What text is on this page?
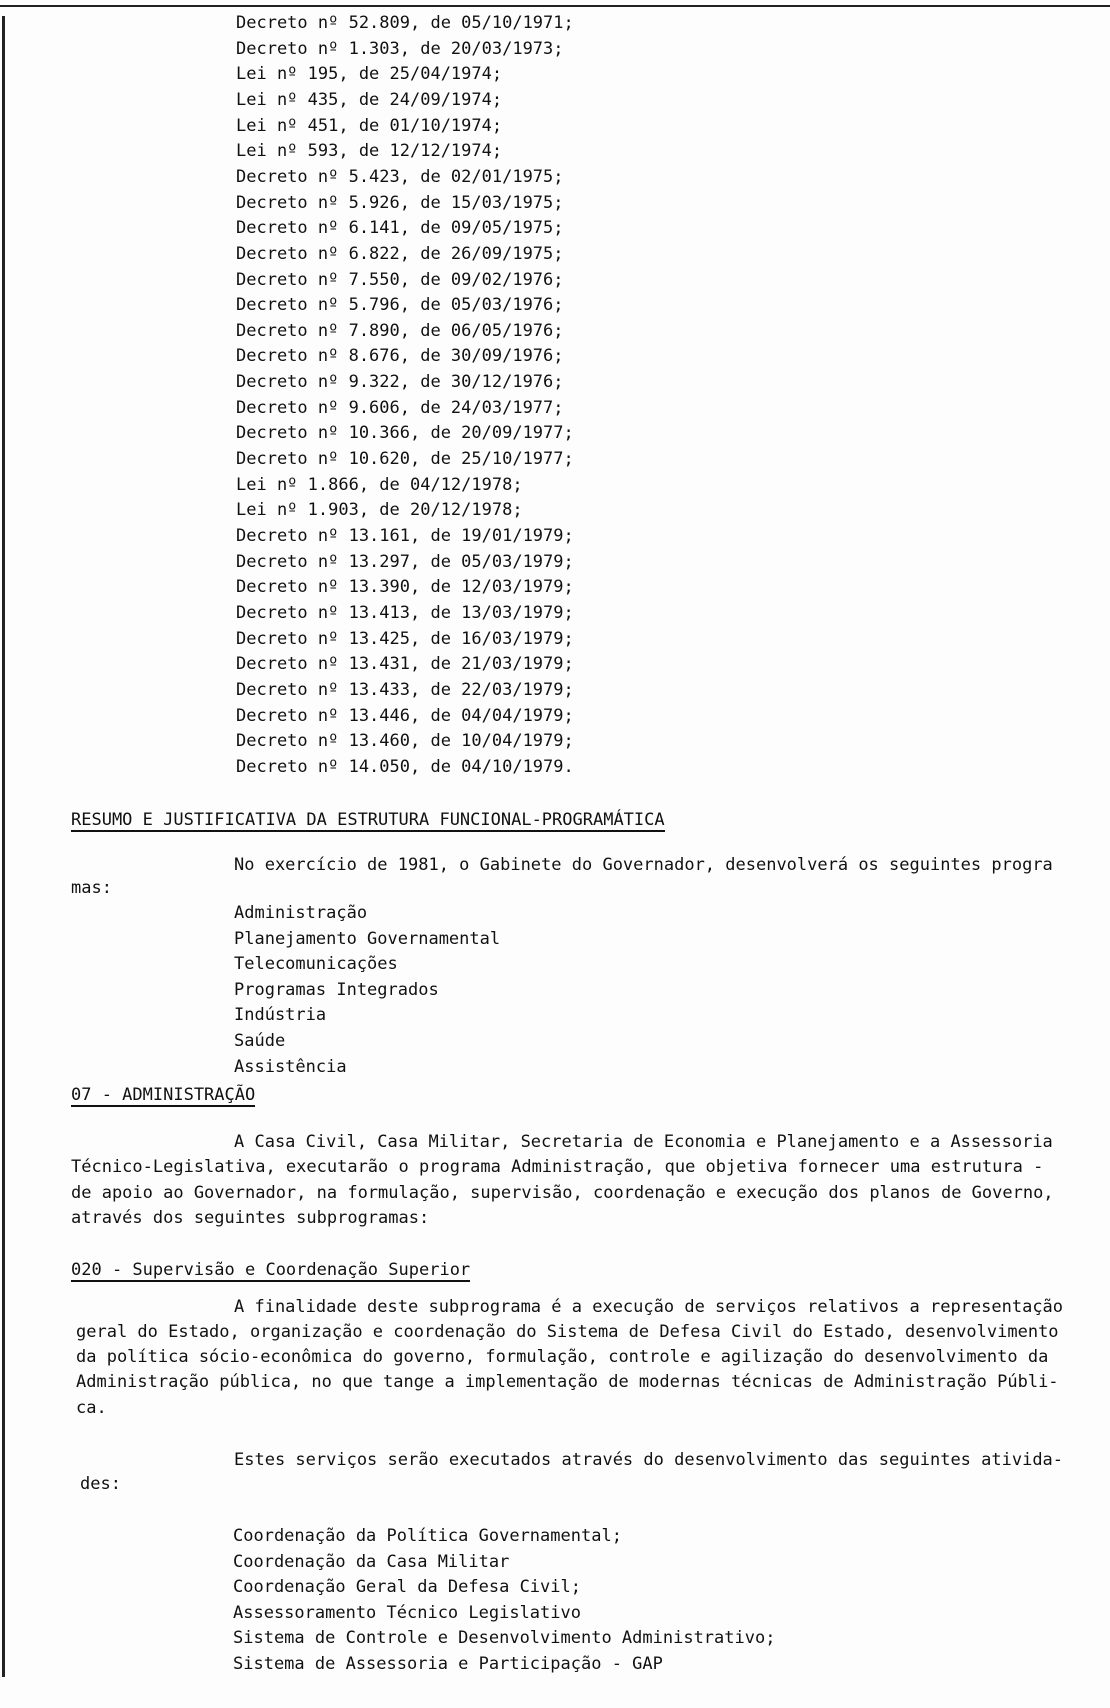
Decreto nº 52.809, de 05/10/1971;
Decreto nº 1.303, de 20/03/1973;
Lei nº 195, de 25/04/1974;
Lei nº 435, de 24/09/1974;
Lei nº 451, de 01/10/1974;
Lei nº 593, de 12/12/1974;
Decreto nº 5.423, de 02/01/1975;
Decreto nº 5.926, de 15/03/1975;
Decreto nº 6.141, de 09/05/1975;
Decreto nº 6.822, de 26/09/1975;
Decreto nº 7.550, de 09/02/1976;
Decreto nº 5.796, de 05/03/1976;
Decreto nº 7.890, de 06/05/1976;
Decreto nº 8.676, de 30/09/1976;
Decreto nº 9.322, de 30/12/1976;
Decreto nº 9.606, de 24/03/1977;
Decreto nº 10.366, de 20/09/1977;
Decreto nº 10.620, de 25/10/1977;
Lei nº 1.866, de 04/12/1978;
Lei nº 1.903, de 20/12/1978;
Decreto nº 13.161, de 19/01/1979;
Decreto nº 13.297, de 05/03/1979;
Decreto nº 13.390, de 12/03/1979;
Decreto nº 13.413, de 13/03/1979;
Decreto nº 13.425, de 16/03/1979;
Decreto nº 13.431, de 21/03/1979;
Decreto nº 13.433, de 22/03/1979;
Decreto nº 13.446, de 04/04/1979;
Decreto nº 13.460, de 10/04/1979;
Decreto nº 14.050, de 04/10/1979.
RESUMO E JUSTIFICATIVA DA ESTRUTURA FUNCIONAL-PROGRAMÁTICA
No exercício de 1981, o Gabinete do Governador, desenvolverá os seguintes progra
mas:
Administração
Planejamento Governamental
Telecomunicações
Programas Integrados
Indústria
Saúde
Assistência
07 - ADMINISTRAÇÃO
A Casa Civil, Casa Militar, Secretaria de Economia e Planejamento e a Assessoria
Técnico-Legislativa, executarão o programa Administração, que objetiva fornecer uma estrutura -
de apoio ao Governador, na formulação, supervisão, coordenação e execução dos planos de Governo,
através dos seguintes subprogramas:
020 - Supervisão e Coordenação Superior
A finalidade deste subprograma é a execução de serviços relativos a representação
geral do Estado, organização e coordenação do Sistema de Defesa Civil do Estado, desenvolvimento
da política sócio-econômica do governo, formulação, controle e agilização do desenvolvimento da
Administração pública, no que tange a implementação de modernas técnicas de Administração Públi-
ca.
Estes serviços serão executados através do desenvolvimento das seguintes ativida-
des:
Coordenação da Política Governamental;
Coordenação da Casa Militar
Coordenação Geral da Defesa Civil;
Assessoramento Técnico Legislativo
Sistema de Controle e Desenvolvimento Administrativo;
Sistema de Assessoria e Participação - GAP
